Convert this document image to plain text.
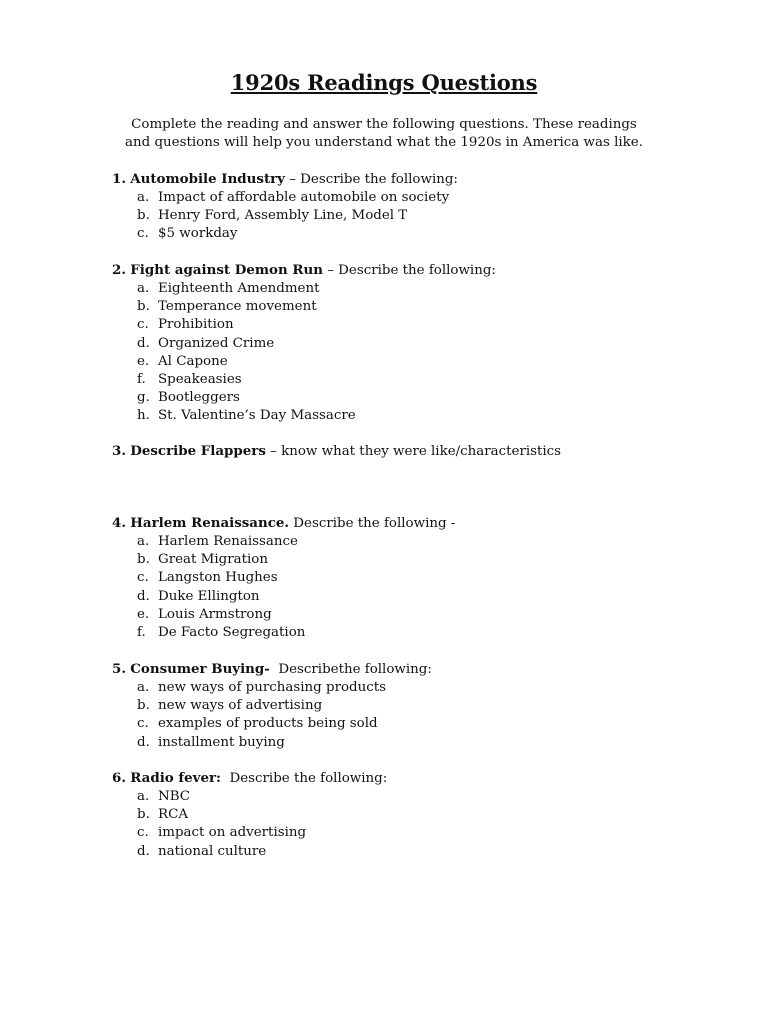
1920s Readings Questions
Complete the reading and answer the following questions. These readings and questions will help you understand what the 1920s in America was like.
1. Automobile Industry – Describe the following:
a. Impact of affordable automobile on society
b. Henry Ford, Assembly Line, Model T
c. $5 workday
2. Fight against Demon Run – Describe the following:
a. Eighteenth Amendment
b. Temperance movement
c. Prohibition
d. Organized Crime
e. Al Capone
f. Speakeasies
g. Bootleggers
h. St. Valentine’s Day Massacre
3. Describe Flappers – know what they were like/characteristics
4. Harlem Renaissance. Describe the following -
a. Harlem Renaissance
b. Great Migration
c. Langston Hughes
d. Duke Ellington
e. Louis Armstrong
f. De Facto Segregation
5. Consumer Buying-  Describethe following:
a. new ways of purchasing products
b. new ways of advertising
c. examples of products being sold
d. installment buying
6. Radio fever:  Describe the following:
a. NBC
b. RCA
c. impact on advertising
d. national culture
